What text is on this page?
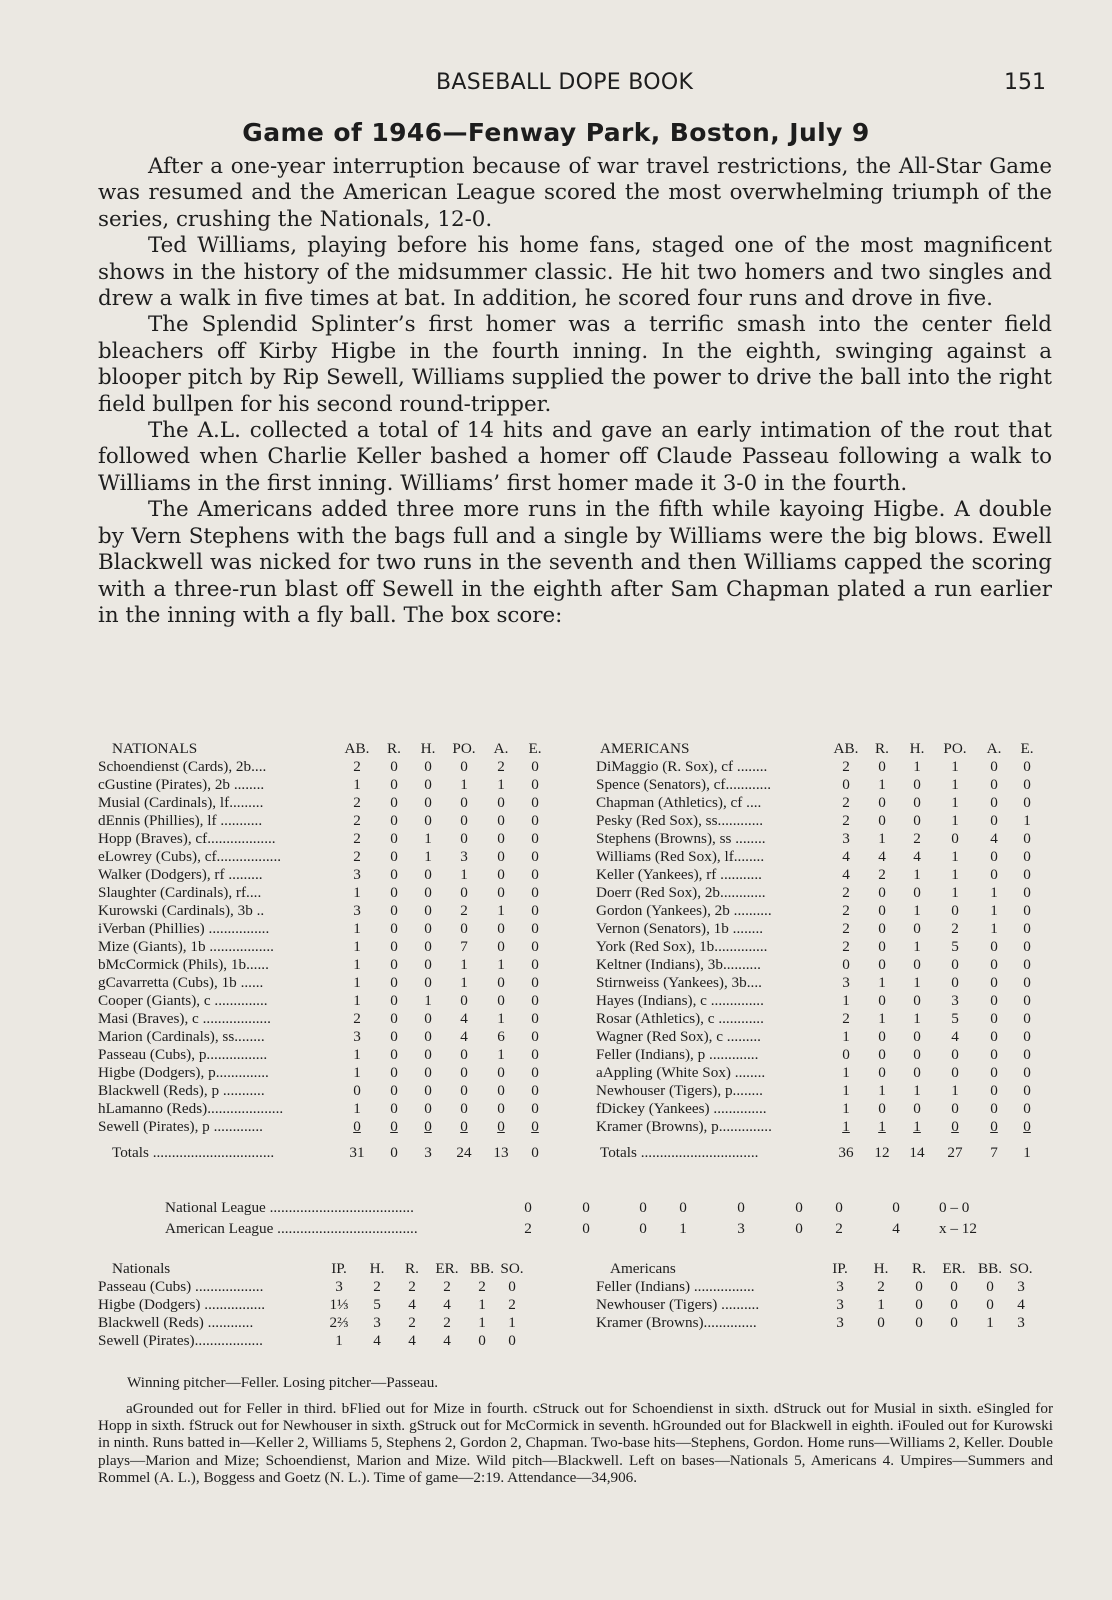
BASEBALL DOPE BOOK	151
Game of 1946—Fenway Park, Boston, July 9

After a one-year interruption because of war travel restrictions, the All-Star Game was resumed and the American League scored the most overwhelming triumph of the series, crushing the Nationals, 12-0.

Ted Williams, playing before his home fans, staged one of the most magnificent shows in the history of the midsummer classic. He hit two homers and two singles and drew a walk in five times at bat. In addition, he scored four runs and drove in five.

The Splendid Splinter’s first homer was a terrific smash into the center field bleachers off Kirby Higbe in the fourth inning. In the eighth, swinging against a blooper pitch by Rip Sewell, Williams supplied the power to drive the ball into the right field bullpen for his second round-tripper.

The A.L. collected a total of 14 hits and gave an early intimation of the rout that followed when Charlie Keller bashed a homer off Claude Passeau following a walk to Williams in the first inning. Williams’ first homer made it 3-0 in the fourth.

The Americans added three more runs in the fifth while kayoing Higbe. A double by Vern Stephens with the bags full and a single by Williams were the big blows. Ewell Blackwell was nicked for two runs in the seventh and then Williams capped the scoring with a three-run blast off Sewell in the eighth after Sam Chapman plated a run earlier in the inning with a fly ball. The box score:

NATIONALS	AB.	R.	H.	PO.	A.	E.
Schoendienst (Cards), 2b....	2	0	0	0	2	0
cGustine (Pirates), 2b ........	1	0	0	1	1	0
Musial (Cardinals), lf.........	2	0	0	0	0	0
dEnnis (Phillies), lf ...........	2	0	0	0	0	0
Hopp (Braves), cf..................	2	0	1	0	0	0
eLowrey (Cubs), cf.................	2	0	1	3	0	0
Walker (Dodgers), rf .........	3	0	0	1	0	0
Slaughter (Cardinals), rf....	1	0	0	0	0	0
Kurowski (Cardinals), 3b ..	3	0	0	2	1	0
iVerban (Phillies) ................	1	0	0	0	0	0
Mize (Giants), 1b .................	1	0	0	7	0	0
bMcCormick (Phils), 1b......	1	0	0	1	1	0
gCavarretta (Cubs), 1b ......	1	0	0	1	0	0
Cooper (Giants), c ..............	1	0	1	0	0	0
Masi (Braves), c ..................	2	0	0	4	1	0
Marion (Cardinals), ss........	3	0	0	4	6	0
Passeau (Cubs), p................	1	0	0	0	1	0
Higbe (Dodgers), p..............	1	0	0	0	0	0
Blackwell (Reds), p ...........	0	0	0	0	0	0
hLamanno (Reds)....................	1	0	0	0	0	0
Sewell (Pirates), p .............	0	0	0	0	0	0
Totals ................................	31	0	3	24	13	0
AMERICANS	AB.	R.	H.	PO.	A.	E.
DiMaggio (R. Sox), cf ........	2	0	1	1	0	0
Spence (Senators), cf............	0	1	0	1	0	0
Chapman (Athletics), cf ....	2	0	0	1	0	0
Pesky (Red Sox), ss............	2	0	0	1	0	1
Stephens (Browns), ss ........	3	1	2	0	4	0
Williams (Red Sox), lf........	4	4	4	1	0	0
Keller (Yankees), rf ...........	4	2	1	1	0	0
Doerr (Red Sox), 2b............	2	0	0	1	1	0
Gordon (Yankees), 2b ..........	2	0	1	0	1	0
Vernon (Senators), 1b ........	2	0	0	2	1	0
York (Red Sox), 1b..............	2	0	1	5	0	0
Keltner (Indians), 3b..........	0	0	0	0	0	0
Stirnweiss (Yankees), 3b....	3	1	1	0	0	0
Hayes (Indians), c ..............	1	0	0	3	0	0
Rosar (Athletics), c ............	2	1	1	5	0	0
Wagner (Red Sox), c .........	1	0	0	4	0	0
Feller (Indians), p .............	0	0	0	0	0	0
aAppling (White Sox) ........	1	0	0	0	0	0
Newhouser (Tigers), p........	1	1	1	1	0	0
fDickey (Yankees) ..............	1	0	0	0	0	0
Kramer (Browns), p..............	1	1	1	0	0	0
Totals ...............................	36	12	14	27	7	1
National League ......................................	0	0	0	0	0	0	0	0	0 – 0
American League .....................................	2	0	0	1	3	0	2	4	x – 12
Nationals	IP.	H.	R.	ER.	BB.	SO.
Passeau (Cubs) ..................	3	2	2	2	2	0
Higbe (Dodgers) ................	1⅓	5	4	4	1	2
Blackwell (Reds) ............	2⅔	3	2	2	1	1
Sewell (Pirates)..................	1	4	4	4	0	0
Americans	IP.	H.	R.	ER.	BB.	SO.
Feller (Indians) ................	3	2	0	0	0	3
Newhouser (Tigers) ..........	3	1	0	0	0	4
Kramer (Browns)..............	3	0	0	0	1	3
Winning pitcher—Feller. Losing pitcher—Passeau.
aGrounded out for Feller in third. bFlied out for Mize in fourth. cStruck out for Schoendienst in sixth. dStruck out for Musial in sixth. eSingled for Hopp in sixth. fStruck out for Newhouser in sixth. gStruck out for McCormick in seventh. hGrounded out for Blackwell in eighth. iFouled out for Kurowski in ninth. Runs batted in—Keller 2, Williams 5, Stephens 2, Gordon 2, Chapman. Two-base hits—Stephens, Gordon. Home runs—Williams 2, Keller. Double plays—Marion and Mize; Schoendienst, Marion and Mize. Wild pitch—Blackwell. Left on bases—Nationals 5, Americans 4. Umpires—Summers and Rommel (A. L.), Boggess and Goetz (N. L.). Time of game—2:19. Attendance—34,906.
